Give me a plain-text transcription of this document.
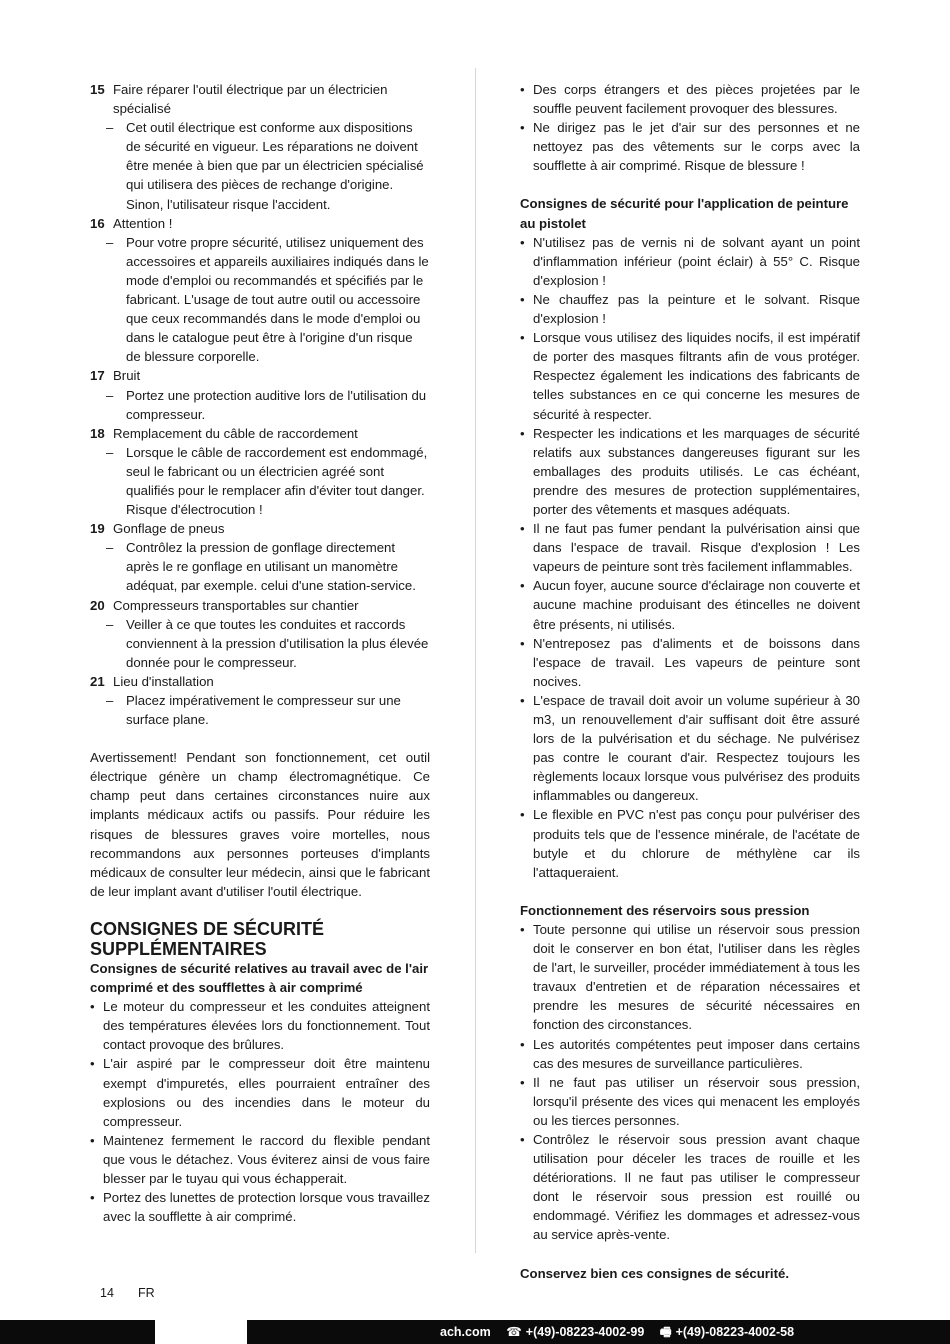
15 Faire réparer l'outil électrique par un électricien spécialisé
– Cet outil électrique est conforme aux dispositions de sécurité en vigueur. Les réparations ne doivent être menée à bien que par un électricien spécialisé qui utilisera des pièces de rechange d'origine. Sinon, l'utilisateur risque l'accident.
16 Attention !
– Pour votre propre sécurité, utilisez uniquement des accessoires et appareils auxiliaires indiqués dans le mode d'emploi ou recommandés et spécifiés par le fabricant. L'usage de tout autre outil ou accessoire que ceux recommandés dans le mode d'emploi ou dans le catalogue peut être à l'origine d'un risque de blessure corporelle.
17 Bruit
– Portez une protection auditive lors de l'utilisation du compresseur.
18 Remplacement du câble de raccordement
– Lorsque le câble de raccordement est endommagé, seul le fabricant ou un électricien agréé sont qualifiés pour le remplacer afin d'éviter tout danger. Risque d'électrocution !
19 Gonflage de pneus
– Contrôlez la pression de gonflage directement après le re gonflage en utilisant un manomètre adéquat, par exemple. celui d'une station-service.
20 Compresseurs transportables sur chantier
– Veiller à ce que toutes les conduites et raccords conviennent à la pression d'utilisation la plus élevée donnée pour le compresseur.
21 Lieu d'installation
– Placez impérativement le compresseur sur une surface plane.
Avertissement! Pendant son fonctionnement, cet outil électrique génère un champ électromagnétique. Ce champ peut dans certaines circonstances nuire aux implants médicaux actifs ou passifs. Pour réduire les risques de blessures graves voire mortelles, nous recommandons aux personnes porteuses d'implants médicaux de consulter leur médecin, ainsi que le fabricant de leur implant avant d'utiliser l'outil électrique.
CONSIGNES DE SÉCURITÉ SUPPLÉMENTAIRES
Consignes de sécurité relatives au travail avec de l'air comprimé et des soufflettes à air comprimé
• Le moteur du compresseur et les conduites atteignent des températures élevées lors du fonctionnement. Tout contact provoque des brûlures.
• L'air aspiré par le compresseur doit être maintenu exempt d'impuretés, elles pourraient entraîner des explosions ou des incendies dans le moteur du compresseur.
• Maintenez fermement le raccord du flexible pendant que vous le détachez. Vous éviterez ainsi de vous faire blesser par le tuyau qui vous échapperait.
• Portez des lunettes de protection lorsque vous travaillez avec la soufflette à air comprimé.
• Des corps étrangers et des pièces projetées par le souffle peuvent facilement provoquer des blessures.
• Ne dirigez pas le jet d'air sur des personnes et ne nettoyez pas des vêtements sur le corps avec la soufflette à air comprimé. Risque de blessure !
Consignes de sécurité pour l'application de peinture au pistolet
• N'utilisez pas de vernis ni de solvant ayant un point d'inflammation inférieur (point éclair) à 55° C. Risque d'explosion !
• Ne chauffez pas la peinture et le solvant. Risque d'explosion !
• Lorsque vous utilisez des liquides nocifs, il est impératif de porter des masques filtrants afin de vous protéger. Respectez également les indications des fabricants de telles substances en ce qui concerne les mesures de sécurité à respecter.
• Respecter les indications et les marquages de sécurité relatifs aux substances dangereuses figurant sur les emballages des produits utilisés. Le cas échéant, prendre des mesures de protection supplémentaires, porter des vêtements et masques adéquats.
• Il ne faut pas fumer pendant la pulvérisation ainsi que dans l'espace de travail. Risque d'explosion ! Les vapeurs de peinture sont très facilement inflammables.
• Aucun foyer, aucune source d'éclairage non couverte et aucune machine produisant des étincelles ne doivent être présents, ni utilisés.
• N'entreposez pas d'aliments et de boissons dans l'espace de travail. Les vapeurs de peinture sont nocives.
• L'espace de travail doit avoir un volume supérieur à 30 m3, un renouvellement d'air suffisant doit être assuré lors de la pulvérisation et du séchage. Ne pulvérisez pas contre le courant d'air. Respectez toujours les règlements locaux lorsque vous pulvérisez des produits inflammables ou dangereux.
• Le flexible en PVC n'est pas conçu pour pulvériser des produits tels que de l'essence minérale, de l'acétate de butyle et du chlorure de méthylène car ils l'attaqueraient.
Fonctionnement des réservoirs sous pression
• Toute personne qui utilise un réservoir sous pression doit le conserver en bon état, l'utiliser dans les règles de l'art, le surveiller, procéder immédiatement à tous les travaux d'entretien et de réparation nécessaires et prendre les mesures de sécurité nécessaires en fonction des circonstances.
• Les autorités compétentes peut imposer dans certains cas des mesures de surveillance particulières.
• Il ne faut pas utiliser un réservoir sous pression, lorsqu'il présente des vices qui menacent les employés ou les tierces personnes.
• Contrôlez le réservoir sous pression avant chaque utilisation pour déceler les traces de rouille et les détériorations. Il ne faut pas utiliser le compresseur dont le réservoir sous pression est rouillé ou endommagé. Vérifiez les dommages et adressez-vous au service après-vente.
Conservez bien ces consignes de sécurité.
14 FR
ach.com ☎ +(49)-08223-4002-99 🖷 +(49)-08223-4002-58
